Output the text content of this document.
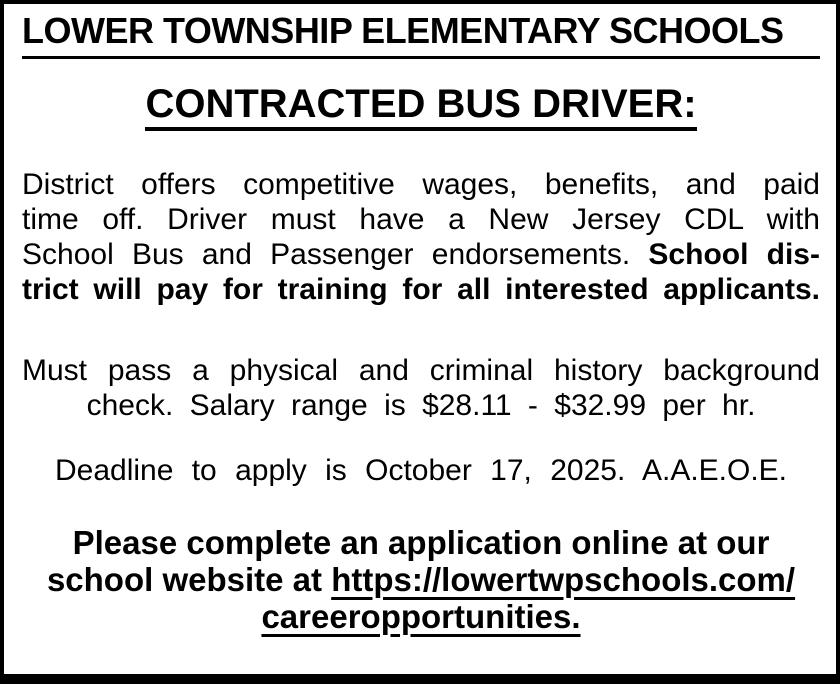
LOWER TOWNSHIP ELEMENTARY SCHOOLS
CONTRACTED BUS DRIVER:

District offers competitive wages, benefits, and paid
time off. Driver must have a New Jersey CDL with
School Bus and Passenger endorsements. School dis-
trict will pay for training for all interested applicants.

Must pass a physical and criminal history background
check. Salary range is $28.11 - $32.99 per hr.

Deadline to apply is October 17, 2025. A.A.E.O.E.

Please complete an application online at our
school website at https://lowertwpschools.com/
careeropportunities.
